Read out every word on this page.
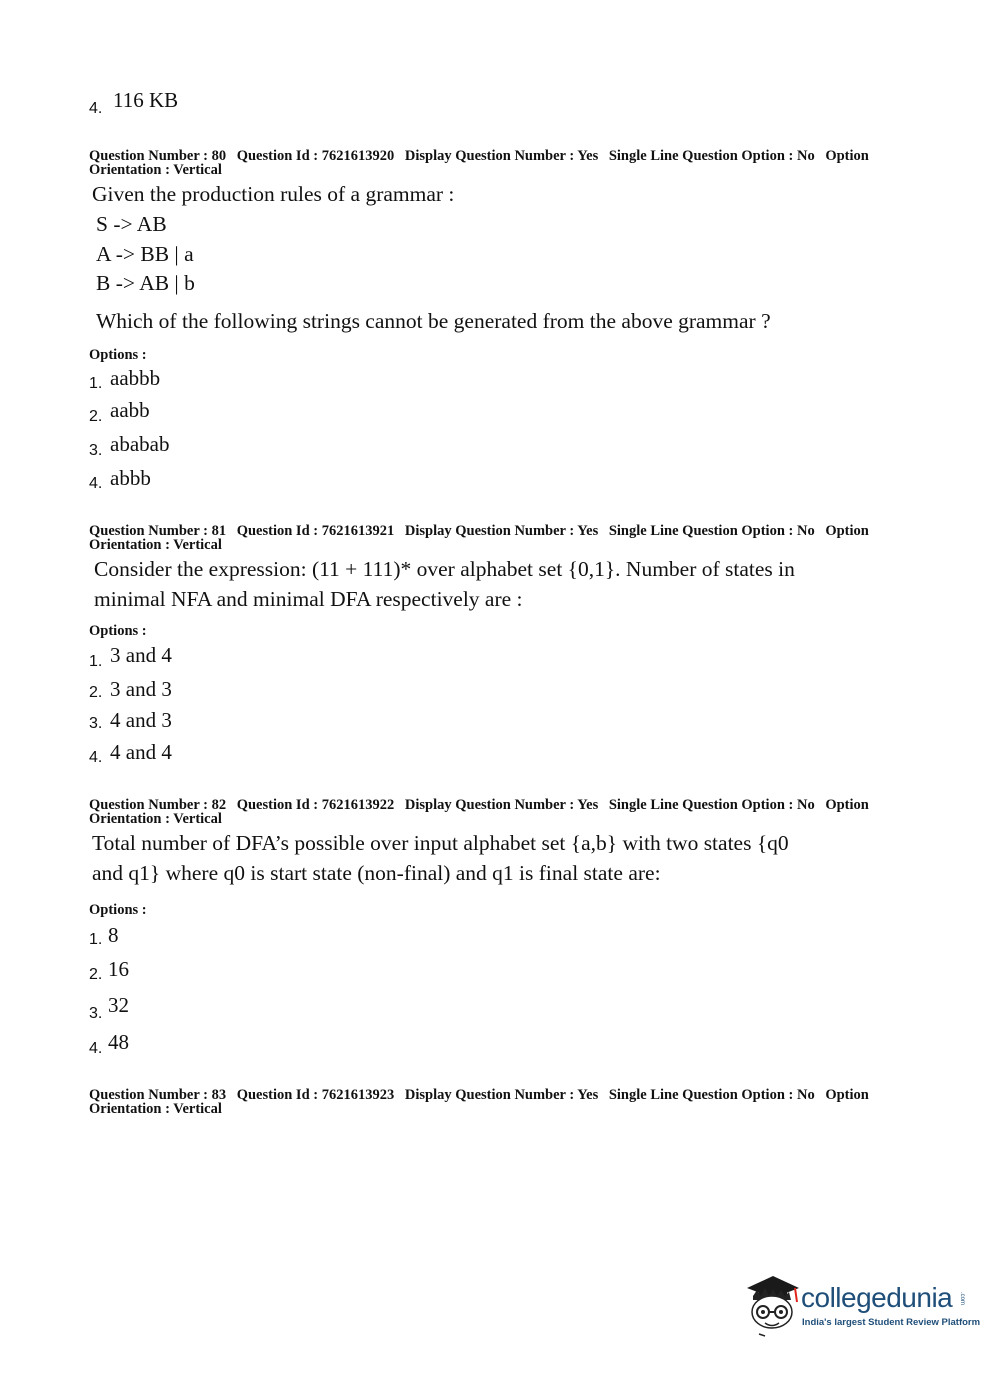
4. 116 KB
Question Number : 80 Question Id : 7621613920 Display Question Number : Yes Single Line Question Option : No Option
Orientation : Vertical
Given the production rules of a grammar :
S -> AB
A -> BB | a
B -> AB | b
Which of the following strings cannot be generated from the above grammar ?
Options :
1. aabbb
2. aabb
3. ababab
4. abbb
Question Number : 81 Question Id : 7621613921 Display Question Number : Yes Single Line Question Option : No Option
Orientation : Vertical
Consider the expression: (11 + 111)* over alphabet set {0,1}. Number of states in
minimal NFA and minimal DFA respectively are :
Options :
1. 3 and 4
2. 3 and 3
3. 4 and 3
4. 4 and 4
Question Number : 82 Question Id : 7621613922 Display Question Number : Yes Single Line Question Option : No Option
Orientation : Vertical
Total number of DFA’s possible over input alphabet set {a,b} with two states {q0
and q1} where q0 is start state (non-final) and q1 is final state are:
Options :
1. 8
2. 16
3. 32
4. 48
Question Number : 83 Question Id : 7621613923 Display Question Number : Yes Single Line Question Option : No Option
Orientation : Vertical
collegedunia .com
India's largest Student Review Platform
